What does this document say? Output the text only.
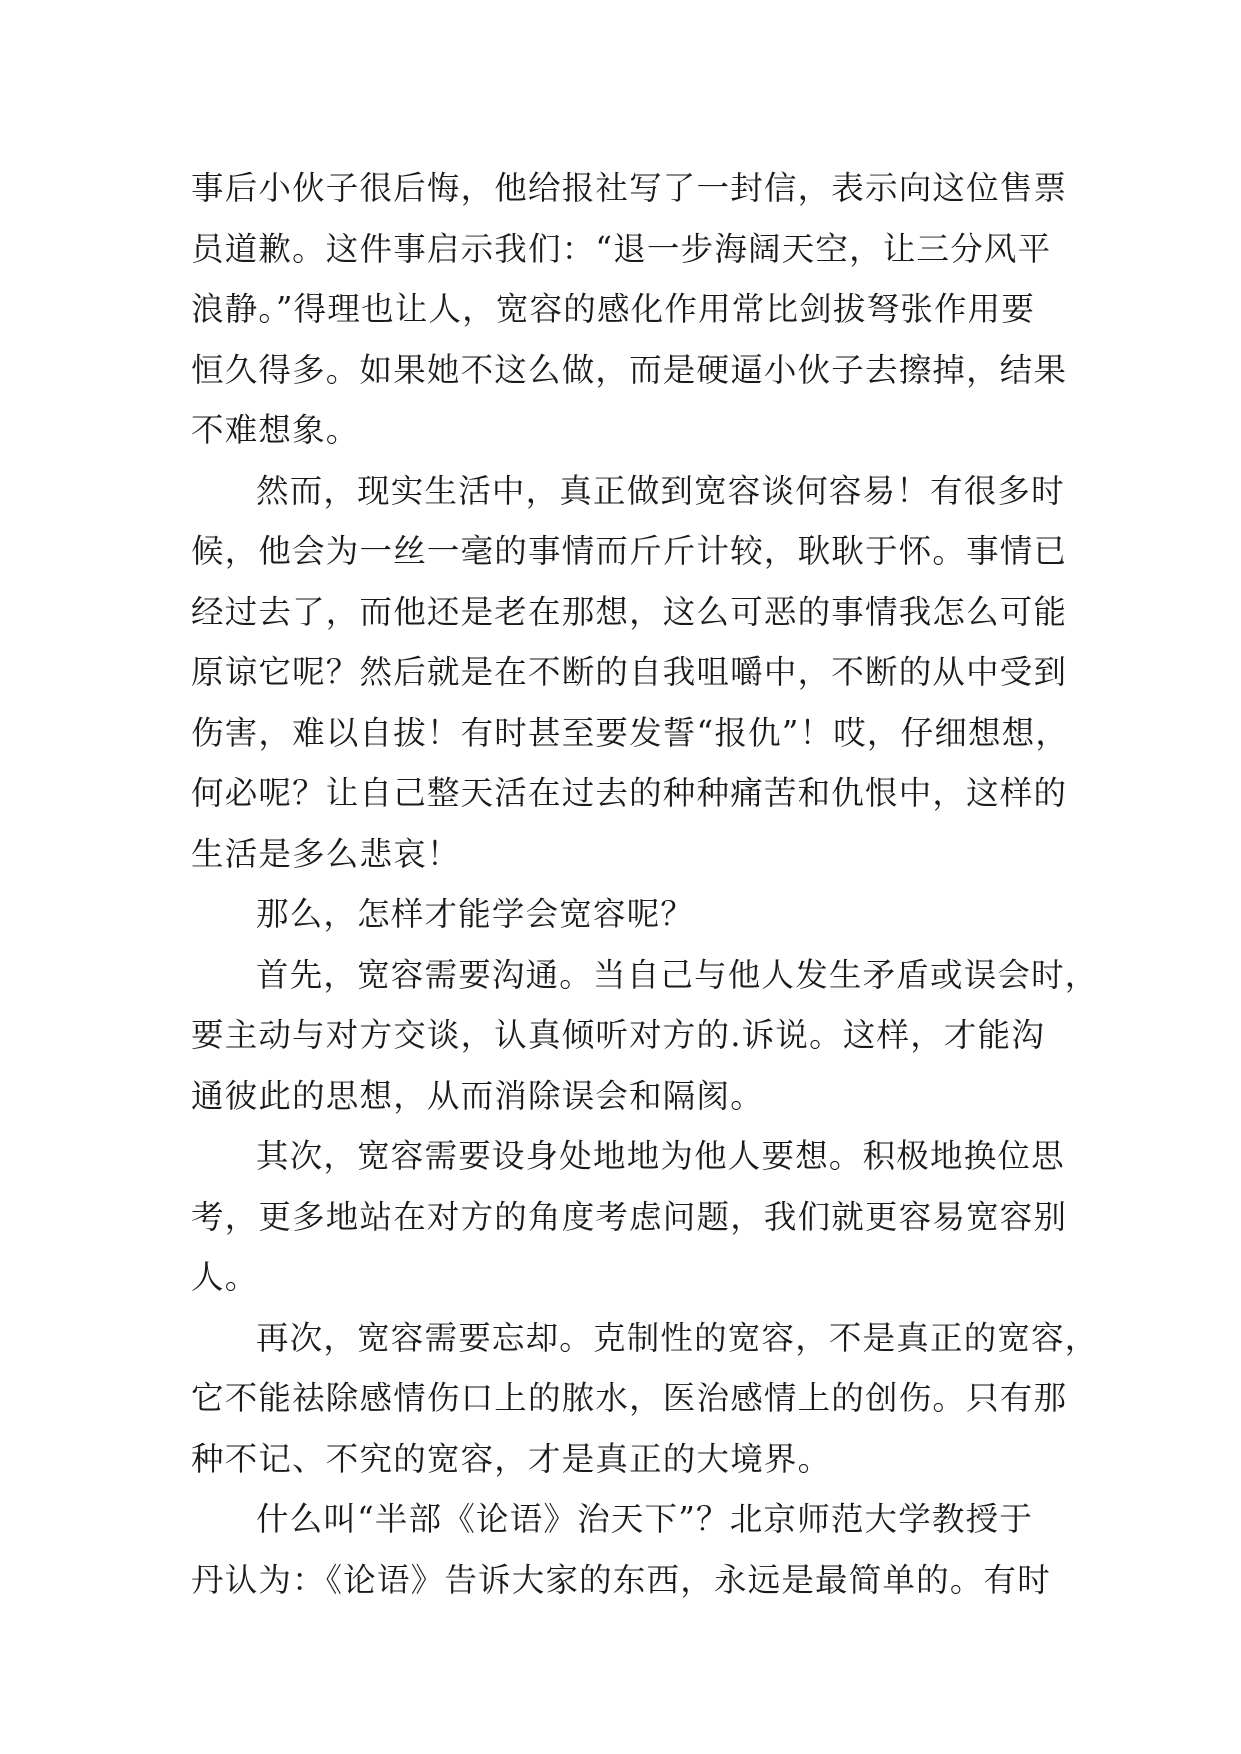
事后小伙子很后悔，他给报社写了一封信，表示向这位售票
员道歉。这件事启示我们：“退一步海阔天空，让三分风平
浪静。”得理也让人，宽容的感化作用常比剑拔弩张作用要
恒久得多。如果她不这么做，而是硬逼小伙子去擦掉，结果
不难想象。
然而，现实生活中，真正做到宽容谈何容易！有很多时
候，他会为一丝一毫的事情而斤斤计较，耿耿于怀。事情已
经过去了，而他还是老在那想，这么可恶的事情我怎么可能
原谅它呢？然后就是在不断的自我咀嚼中，不断的从中受到
伤害，难以自拔！有时甚至要发誓“报仇”！哎，仔细想想，
何必呢？让自己整天活在过去的种种痛苦和仇恨中，这样的
生活是多么悲哀！
那么，怎样才能学会宽容呢？
首先，宽容需要沟通。当自己与他人发生矛盾或误会时，
要主动与对方交谈，认真倾听对方的.诉说。这样，才能沟
通彼此的思想，从而消除误会和隔阂。
其次，宽容需要设身处地地为他人要想。积极地换位思
考，更多地站在对方的角度考虑问题，我们就更容易宽容别
人。
再次，宽容需要忘却。克制性的宽容，不是真正的宽容，
它不能祛除感情伤口上的脓水，医治感情上的创伤。只有那
种不记、不究的宽容，才是真正的大境界。
什么叫“半部《论语》治天下”？北京师范大学教授于
丹认为：《论语》告诉大家的东西，永远是最简单的。有时
